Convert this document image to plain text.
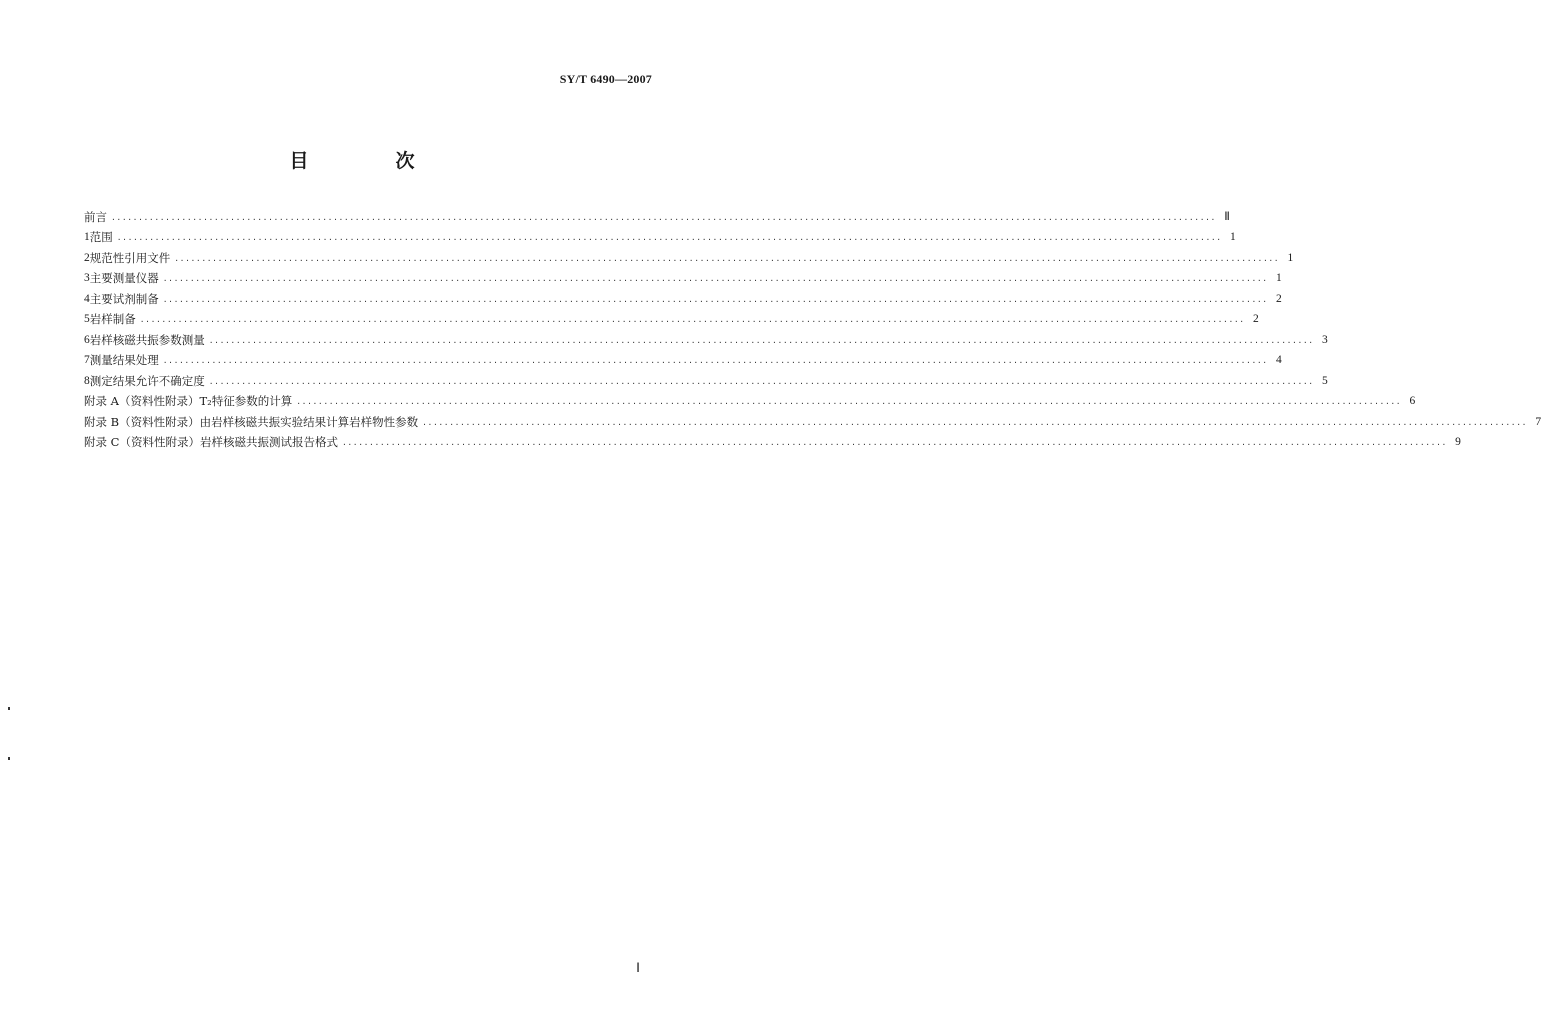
SY/T 6490—2007
目　次
前言 ............................................................................................................................................................................................................ Ⅱ
1 范围 ............................................................................................................................................................................................................ 1
2 规范性引用文件 ............................................................................................................................................................................................................ 1
3 主要测量仪器 ............................................................................................................................................................................................................ 1
4 主要试剂制备 ............................................................................................................................................................................................................ 2
5 岩样制备 ............................................................................................................................................................................................................ 2
6 岩样核磁共振参数测量 ............................................................................................................................................................................................................ 3
7 测量结果处理 ............................................................................................................................................................................................................ 4
8 测定结果允许不确定度 ............................................................................................................................................................................................................ 5
附录 A（资料性附录） T₂特征参数的计算 ............................................................................................................................................................................................................ 6
附录 B（资料性附录） 由岩样核磁共振实验结果计算岩样物性参数 ............................................................................................................................................................................................................ 7
附录 C（资料性附录） 岩样核磁共振测试报告格式 ............................................................................................................................................................................................................ 9
Ⅰ
